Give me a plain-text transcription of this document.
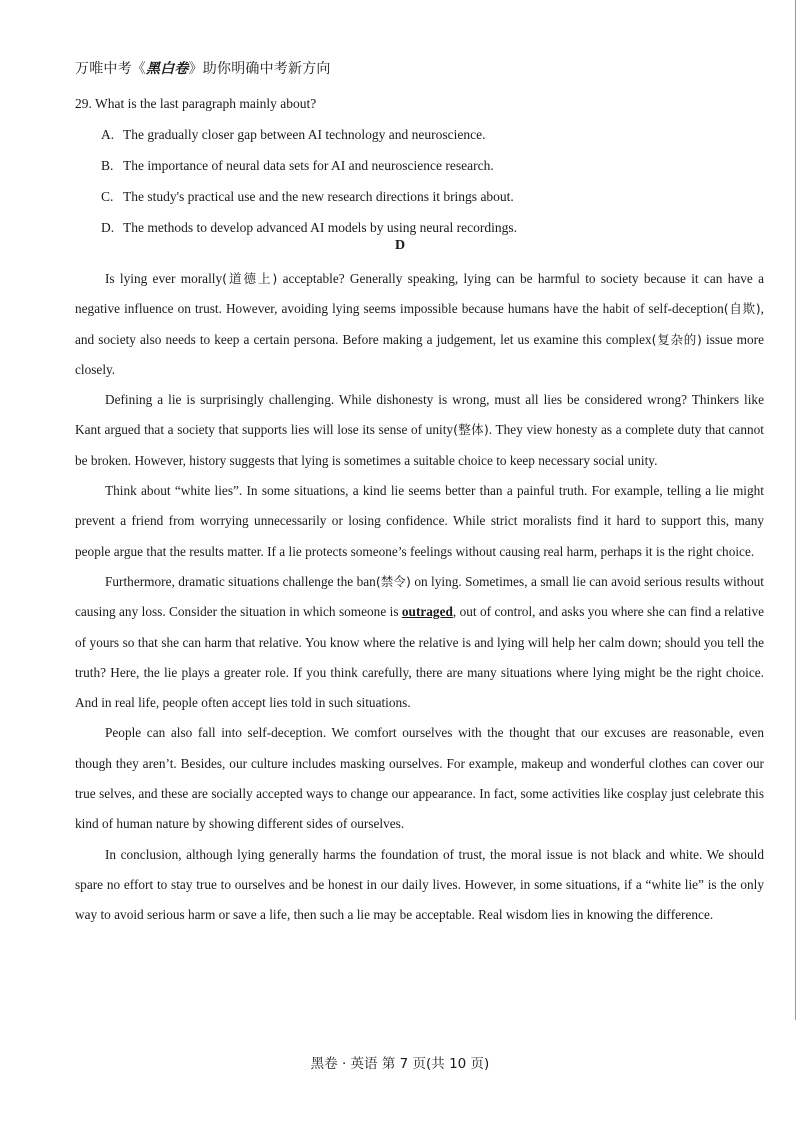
万唯中考《黑白卷》助你明确中考新方向
29. What is the last paragraph mainly about?
A. The gradually closer gap between AI technology and neuroscience.
B. The importance of neural data sets for AI and neuroscience research.
C. The study's practical use and the new research directions it brings about.
D. The methods to develop advanced AI models by using neural recordings.
D

Is lying ever morally(道德上) acceptable? Generally speaking, lying can be harmful to society because it can have a negative influence on trust. However, avoiding lying seems impossible because humans have the habit of self-deception(自欺), and society also needs to keep a certain persona. Before making a judgement, let us examine this complex(复杂的) issue more closely.

Defining a lie is surprisingly challenging. While dishonesty is wrong, must all lies be considered wrong? Thinkers like Kant argued that a society that supports lies will lose its sense of unity(整体). They view honesty as a complete duty that cannot be broken. However, history suggests that lying is sometimes a suitable choice to keep necessary social unity.

Think about “white lies”. In some situations, a kind lie seems better than a painful truth. For example, telling a lie might prevent a friend from worrying unnecessarily or losing confidence. While strict moralists find it hard to support this, many people argue that the results matter. If a lie protects someone’s feelings without causing real harm, perhaps it is the right choice.

Furthermore, dramatic situations challenge the ban(禁令) on lying. Sometimes, a small lie can avoid serious results without causing any loss. Consider the situation in which someone is outraged, out of control, and asks you where she can find a relative of yours so that she can harm that relative. You know where the relative is and lying will help her calm down; should you tell the truth? Here, the lie plays a greater role. If you think carefully, there are many situations where lying might be the right choice. And in real life, people often accept lies told in such situations.

People can also fall into self-deception. We comfort ourselves with the thought that our excuses are reasonable, even though they aren’t. Besides, our culture includes masking ourselves. For example, makeup and wonderful clothes can cover our true selves, and these are socially accepted ways to change our appearance. In fact, some activities like cosplay just celebrate this kind of human nature by showing different sides of ourselves.

In conclusion, although lying generally harms the foundation of trust, the moral issue is not black and white. We should spare no effort to stay true to ourselves and be honest in our daily lives. However, in some situations, if a “white lie” is the only way to avoid serious harm or save a life, then such a lie may be acceptable. Real wisdom lies in knowing the difference.

黑卷 · 英语 第 7 页(共 10 页)
